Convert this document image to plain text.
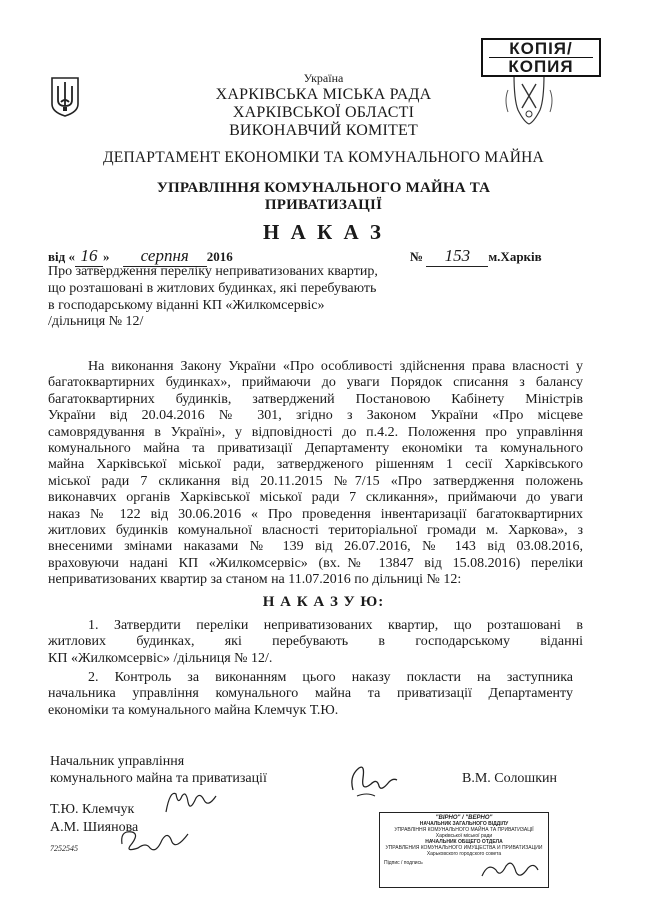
КОПІЯ/
КОПИЯ
Україна
ХАРКІВСЬКА МІСЬКА РАДА
ХАРКІВСЬКОЇ ОБЛАСТІ
ВИКОНАВЧИЙ КОМІТЕТ
ДЕПАРТАМЕНТ ЕКОНОМІКИ ТА КОМУНАЛЬНОГО МАЙНА
УПРАВЛІННЯ КОМУНАЛЬНОГО МАЙНА ТА
ПРИВАТИЗАЦІЇ
Н А К А З
від « 16 » серпня 2016	№ 153 м.Харків
Про затвердження переліку неприватизованих квартир,
що розташовані в житлових будинках, які перебувають
в господарському віданні КП «Жилкомсервіс»
/дільниця № 12/
На виконання Закону України «Про особливості здійснення права власності у
багатоквартирних будинках», приймаючи до уваги Порядок списання з балансу
багатоквартирних будинків, затверджений Постановою Кабінету Міністрів
України від 20.04.2016 № 301, згідно з Законом України «Про місцеве
самоврядування в Україні», у відповідності до п.4.2. Положення про управління
комунального майна та приватизації Департаменту економіки та комунального
майна Харківської міської ради, затвердженого рішенням 1 сесії Харківського
міської ради 7 скликання від 20.11.2015 №7/15 «Про затвердження положень
виконавчих органів Харківської міської ради 7 скликання», приймаючи до уваги
наказ № 122 від 30.06.2016 « Про проведення інвентаризації багатоквартирних
житлових будинків комунальної власності територіальної громади м. Харкова», з
внесеними змінами наказами № 139 від 26.07.2016, № 143 від 03.08.2016,
враховуючи надані КП «Жилкомсервіс» (вх.№ 13847 від 15.08.2016) переліки
неприватизованих квартир за станом на 11.07.2016 по дільниці № 12:
Н А К А З У Ю:
1. Затвердити переліки неприватизованих квартир, що розташовані в
житлових будинках, які перебувають в господарському віданні
КП «Жилкомсервіс» /дільниця № 12/.
2. Контроль за виконанням цього наказу покласти на заступника
начальника управління комунального майна та приватизації Департаменту
економіки та комунального майна Клемчук Т.Ю.
Начальник управління
комунального майна та приватизації	В.М. Солошкин
Т.Ю. Клемчук
А.М. Шиянова
7252545
"ВІРНО" / "ВЕРНО"
НАЧАЛЬНИК ЗАГАЛЬНОГО ВІДДІЛУ
УПРАВЛІННЯ КОМУНАЛЬНОГО МАЙНА ТА ПРИВАТИЗАЦІЇ
Харківської міської ради
НАЧАЛЬНИК ОБЩЕГО ОТДЕЛА
УПРАВЛЕНИЯ КОМУНАЛЬНОГО ИМУЩЕСТВА И ПРИВАТИЗАЦИИ
Харьковского городского совета
Підпис / подпись
